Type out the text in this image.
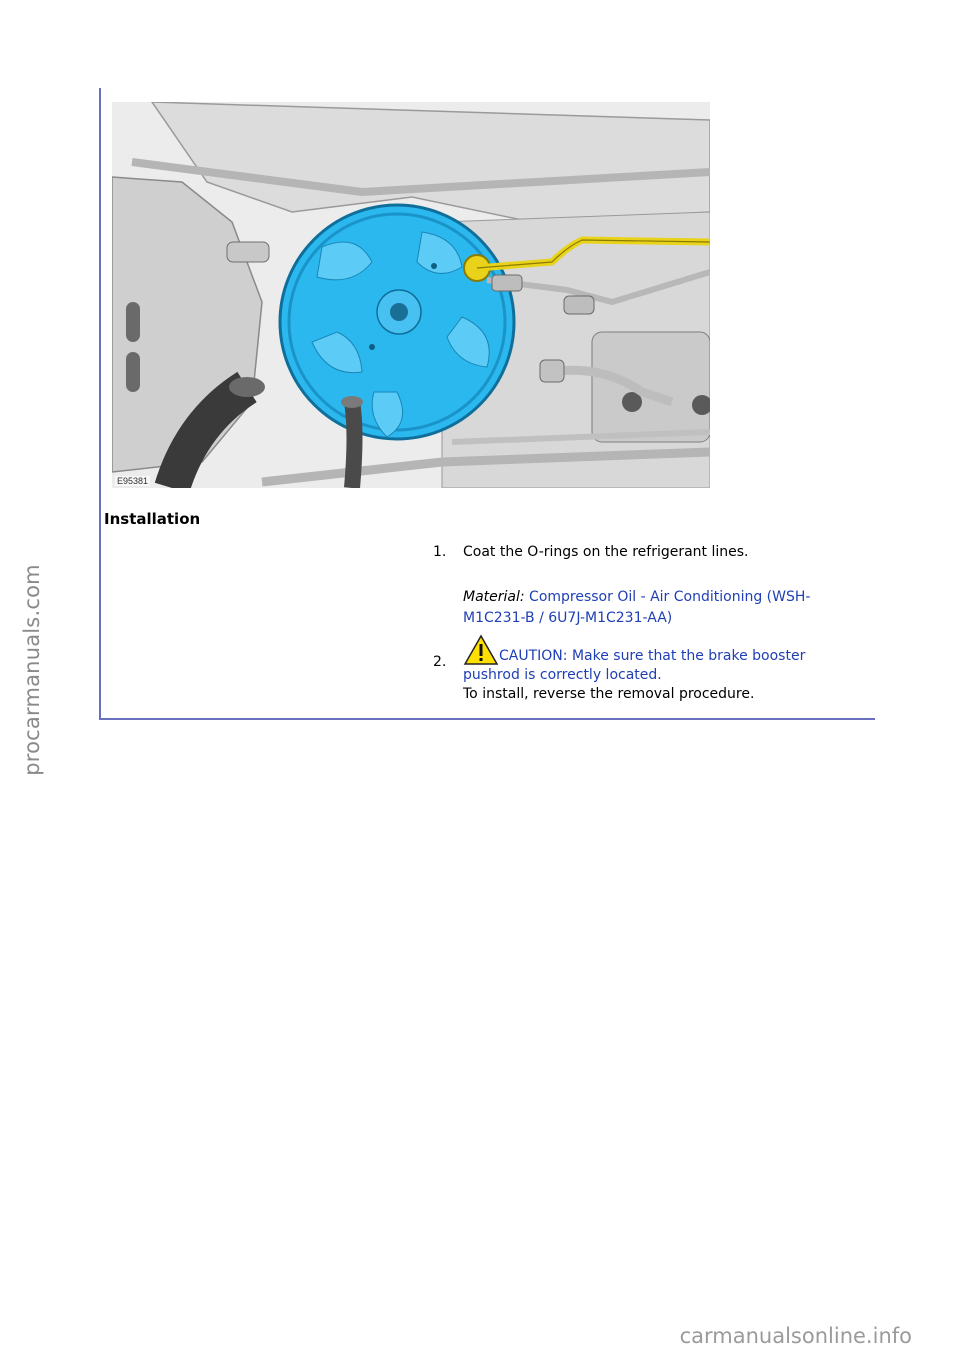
procarmanuals.com
E95381
Installation
1. Coat the O-rings on the refrigerant lines.
Material: Compressor Oil - Air Conditioning (WSH-M1C231-B / 6U7J-M1C231-AA)
2.	CAUTION: Make sure that the brake booster
pushrod is correctly located.
To install, reverse the removal procedure.
carmanualsonline.info
